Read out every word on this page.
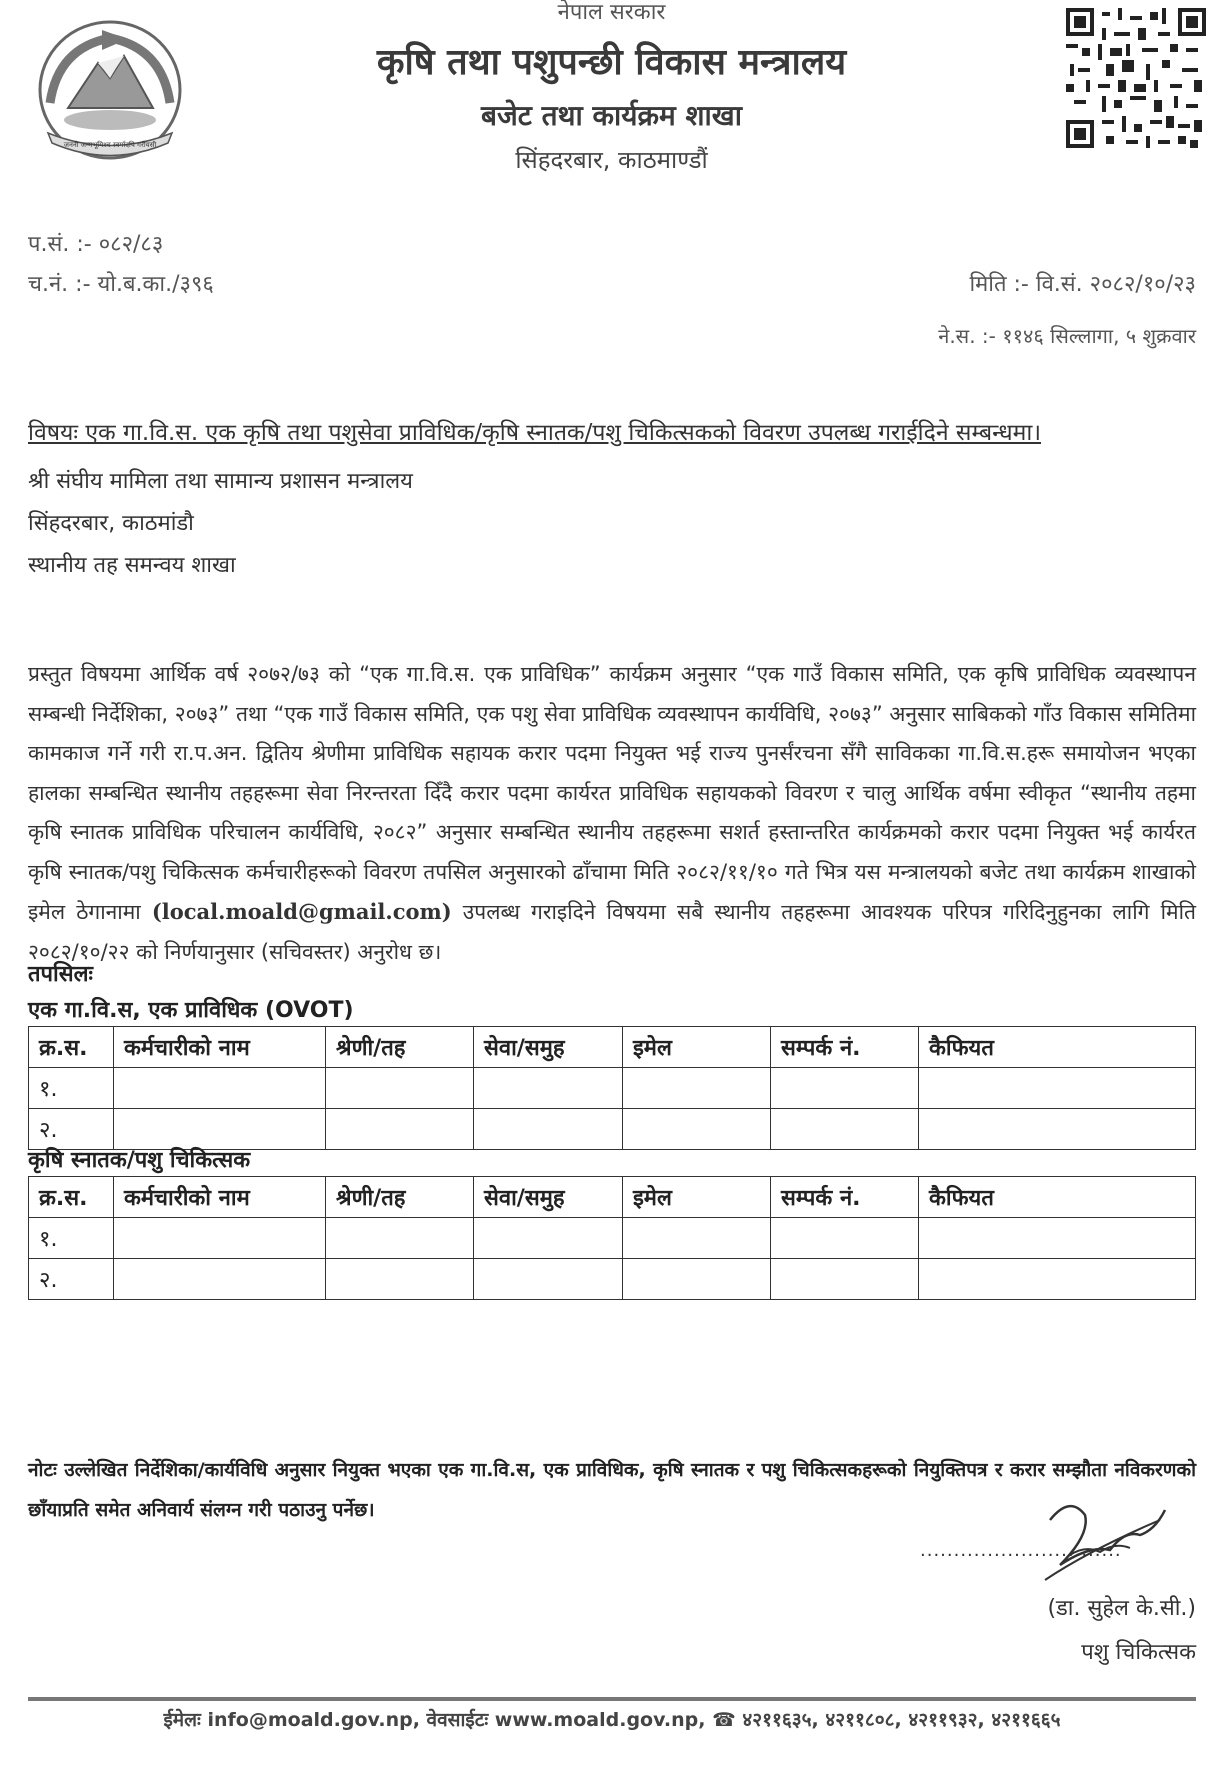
जननी जन्मभूमिश्च स्वर्गादपि गरीयसी
नेपाल सरकार
कृषि तथा पशुपन्छी विकास मन्त्रालय
बजेट तथा कार्यक्रम शाखा
सिंहदरबार, काठमाण्डौं
प.सं. :- ०८२/८३
च.नं. :- यो.ब.का./३९६	मिति :- वि.सं. २०८२/१०/२३
ने.स. :- ११४६ सिल्लागा, ५ शुक्रवार
विषयः एक गा.वि.स. एक कृषि तथा पशुसेवा प्राविधिक/कृषि स्नातक/पशु चिकित्सकको विवरण उपलब्ध गराईदिने सम्बन्धमा।
श्री संघीय मामिला तथा सामान्य प्रशासन मन्त्रालय
सिंहदरबार, काठमांडौ
स्थानीय तह समन्वय शाखा
प्रस्तुत विषयमा आर्थिक वर्ष २०७२/७३ को “एक गा.वि.स. एक प्राविधिक” कार्यक्रम अनुसार “एक गाउँ विकास समिति, एक कृषि प्राविधिक व्यवस्थापन सम्बन्धी निर्देशिका, २०७३” तथा “एक गाउँ विकास समिति, एक पशु सेवा प्राविधिक व्यवस्थापन कार्यविधि, २०७३” अनुसार साबिकको गाँउ विकास समितिमा कामकाज गर्ने गरी रा.प.अन. द्वितिय श्रेणीमा प्राविधिक सहायक करार पदमा नियुक्त भई राज्य पुनर्संरचना सँगै साविकका गा.वि.स.हरू समायोजन भएका हालका सम्बन्धित स्थानीय तहहरूमा सेवा निरन्तरता दिँदै करार पदमा कार्यरत प्राविधिक सहायकको विवरण र चालु आर्थिक वर्षमा स्वीकृत “स्थानीय तहमा कृषि स्नातक प्राविधिक परिचालन कार्यविधि, २०८२” अनुसार सम्बन्धित स्थानीय तहहरूमा सशर्त हस्तान्तरित कार्यक्रमको करार पदमा नियुक्त भई कार्यरत कृषि स्नातक/पशु चिकित्सक कर्मचारीहरूको विवरण तपसिल अनुसारको ढाँचामा मिति २०८२/११/१० गते भित्र यस मन्त्रालयको बजेट तथा कार्यक्रम शाखाको इमेल ठेगानामा (local.moald@gmail.com) उपलब्ध गराइदिने विषयमा सबै स्थानीय तहहरूमा आवश्यक परिपत्र गरिदिनुहुनका लागि मिति २०८२/१०/२२ को निर्णयानुसार (सचिवस्तर) अनुरोध छ।
तपसिलः
एक गा.वि.स, एक प्राविधिक (OVOT)
क्र.स.	कर्मचारीको नाम	श्रेणी/तह	सेवा/समुह	इमेल	सम्पर्क नं.	कैफियत
१.						
२.						
कृषि स्नातक/पशु चिकित्सक
क्र.स.	कर्मचारीको नाम	श्रेणी/तह	सेवा/समुह	इमेल	सम्पर्क नं.	कैफियत
१.						
२.						
नोटः उल्लेखित निर्देशिका/कार्यविधि अनुसार नियुक्त भएका एक गा.वि.स, एक प्राविधिक, कृषि स्नातक र पशु चिकित्सकहरूको नियुक्तिपत्र र करार सम्झौता नविकरणको छाँयाप्रति समेत अनिवार्य संलग्न गरी पठाउनु पर्नेछ।
..............................
(डा. सुहेल के.सी.)
पशु चिकित्सक
ईमेलः info@moald.gov.np, वेवसाईटः www.moald.gov.np, ☎ ४२११६३५, ४२११८०८, ४२११९३२, ४२११६६५
